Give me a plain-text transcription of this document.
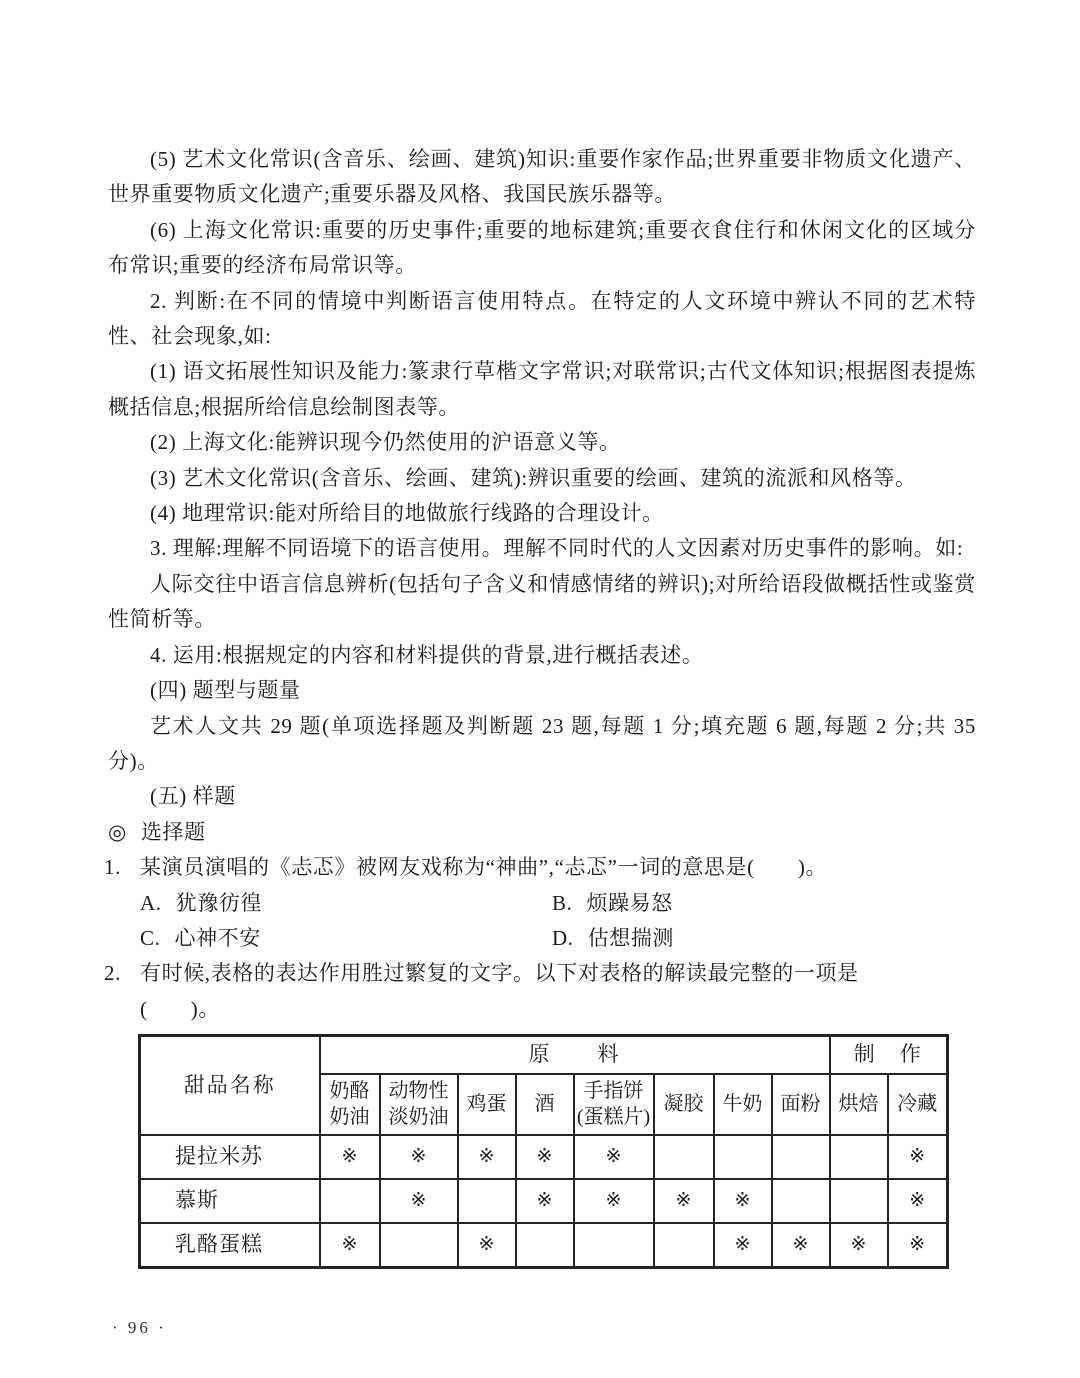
(5) 艺术文化常识(含音乐、绘画、建筑)知识:重要作家作品;世界重要非物质文化遗产、世界重要物质文化遗产;重要乐器及风格、我国民族乐器等。

(6) 上海文化常识:重要的历史事件;重要的地标建筑;重要衣食住行和休闲文化的区域分布常识;重要的经济布局常识等。

2. 判断:在不同的情境中判断语言使用特点。在特定的人文环境中辨认不同的艺术特性、社会现象,如:

(1) 语文拓展性知识及能力:篆隶行草楷文字常识;对联常识;古代文体知识;根据图表提炼概括信息;根据所给信息绘制图表等。

(2) 上海文化:能辨识现今仍然使用的沪语意义等。

(3) 艺术文化常识(含音乐、绘画、建筑):辨识重要的绘画、建筑的流派和风格等。

(4) 地理常识:能对所给目的地做旅行线路的合理设计。

3. 理解:理解不同语境下的语言使用。理解不同时代的人文因素对历史事件的影响。如:

人际交往中语言信息辨析(包括句子含义和情感情绪的辨识);对所给语段做概括性或鉴赏性简析等。

4. 运用:根据规定的内容和材料提供的背景,进行概括表述。

(四) 题型与题量

艺术人文共 29 题(单项选择题及判断题 23 题,每题 1 分;填充题 6 题,每题 2 分;共 35 分)。

(五) 样题

◎ 选择题
1. 某演员演唱的《忐忑》被网友戏称为“神曲”,“忐忑”一词的意思是(　　)。
A. 犹豫彷徨	B. 烦躁易怒
C. 心神不安	D. 估想揣测
2. 有时候,表格的表达作用胜过繁复的文字。以下对表格的解读最完整的一项是
(　　)。
甜品名称	原　　料								制　作	

	奶酪
奶油	动物性
淡奶油	鸡蛋	酒	手指饼
(蛋糕片)	凝胶	牛奶	面粉	烘焙	冷藏

提拉米苏	※	※	※	※	※					※
慕斯		※		※	※	※	※			※
乳酪蛋糕	※		※				※	※	※	※
· 96 ·
